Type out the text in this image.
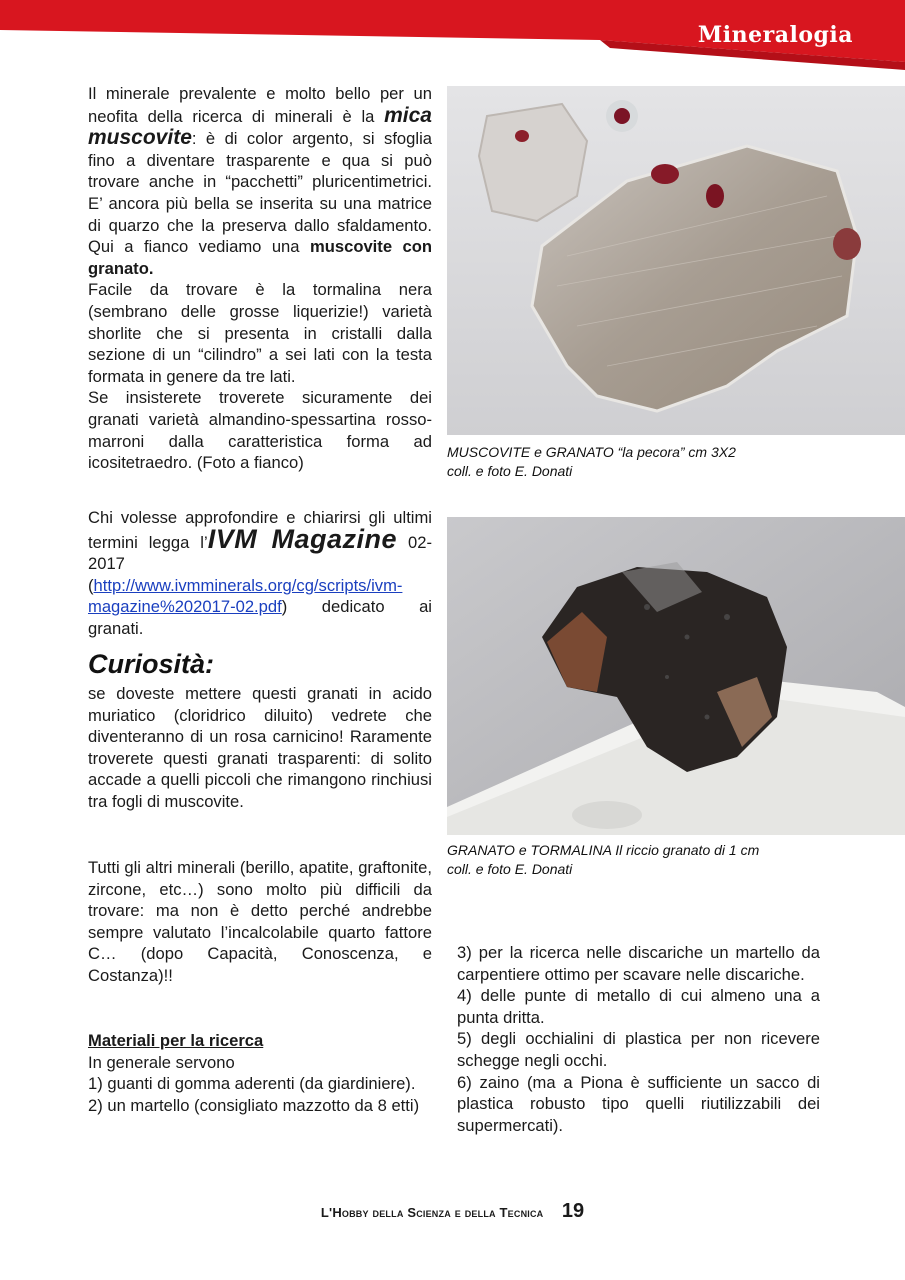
Mineralogia

Il minerale prevalente e molto bello per un neofita della ricerca di minerali è la mica muscovite: è di color argento, si sfoglia fino a diventare trasparente e qua si può trovare anche in “pacchetti” pluricentimetrici. E’ ancora più bella se inserita su una matrice di quarzo che la preserva dallo sfaldamento. Qui a fianco vediamo una muscovite con granato.

Facile da trovare è la tormalina nera (sembrano delle grosse liquerizie!) varietà shorlite che si presenta in cristalli dalla sezione di un “cilindro” a sei lati con la testa formata in genere da tre lati.

Se insisterete troverete sicuramente dei granati varietà almandino-spessartina rosso-marroni dalla caratteristica forma ad icositetraedro. (Foto a fianco)

Chi volesse approfondire e chiarirsi gli ultimi termini legga l’IVM Magazine 02-2017 (http://www.ivmminerals.org/cg/scripts/ivm-magazine%202017-02.pdf) dedicato ai granati.

Curiosità:

se doveste mettere questi granati in acido muriatico (cloridrico diluito) vedrete che diventeranno di un rosa carnicino! Raramente troverete questi granati trasparenti: di solito accade a quelli piccoli che rimangono rinchiusi tra fogli di muscovite.

Tutti gli altri minerali (berillo, apatite, graftonite, zircone, etc…) sono molto più difficili da trovare: ma non è detto perché andrebbe sempre valutato l’incalcolabile quarto fattore C… (dopo Capacità, Conoscenza, e Costanza)!!

Materiali per la ricerca
In generale servono

1) guanti di gomma aderenti (da giardiniere).

2) un martello (consigliato mazzotto da 8 etti)

MUSCOVITE e GRANATO “la pecora” cm 3X2
coll. e foto E. Donati
GRANATO e TORMALINA Il riccio granato di 1 cm
coll. e foto E. Donati

3) per la ricerca nelle discariche un martello da carpentiere ottimo per scavare nelle discariche.

4) delle punte di metallo di cui almeno una a punta dritta.

5) degli occhialini di plastica per non ricevere schegge negli occhi.

6) zaino (ma a Piona è sufficiente un sacco di plastica robusto tipo quelli riutilizzabili dei supermercati).

L'Hobby della Scienza e della Tecnica 19
